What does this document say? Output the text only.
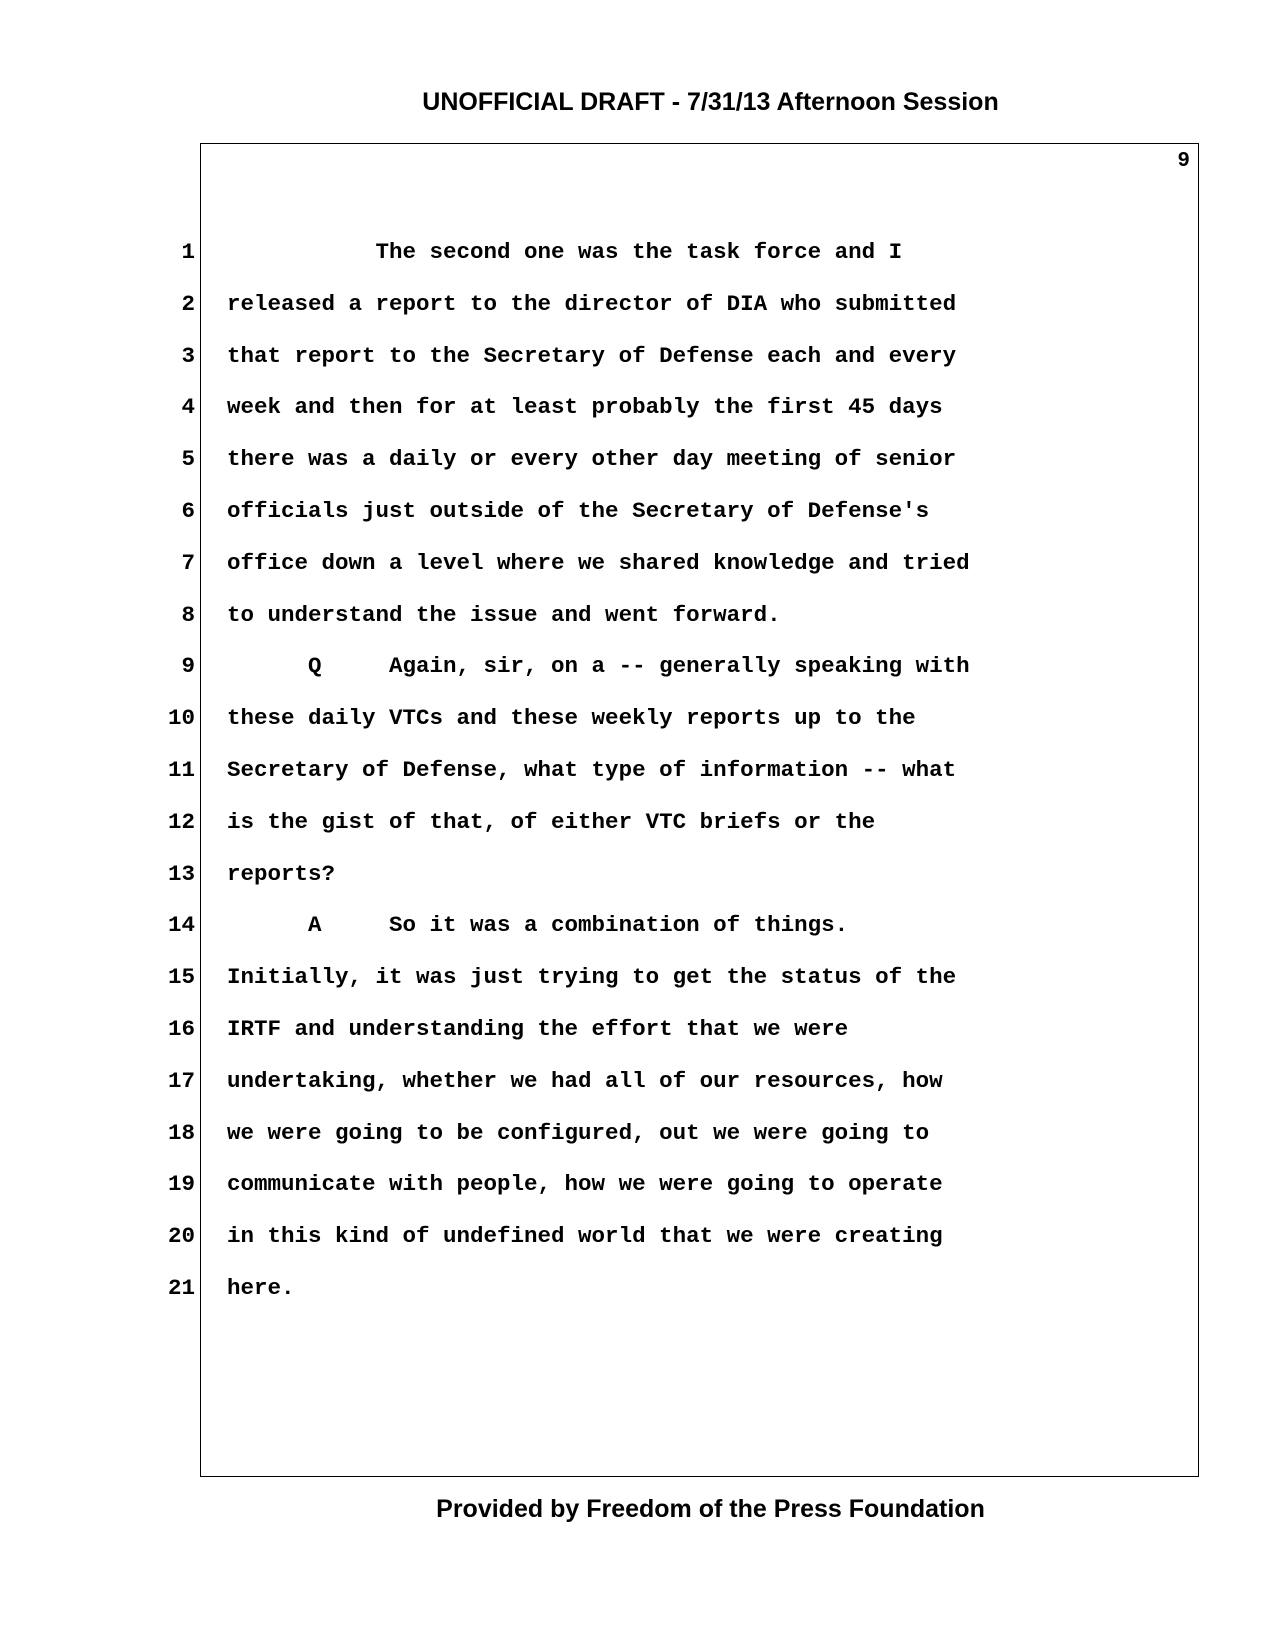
UNOFFICIAL DRAFT - 7/31/13 Afternoon Session
9
1 The second one was the task force and I
2 released a report to the director of DIA who submitted
3 that report to the Secretary of Defense each and every
4 week and then for at least probably the first 45 days
5 there was a daily or every other day meeting of senior
6 officials just outside of the Secretary of Defense's
7 office down a level where we shared knowledge and tried
8 to understand the issue and went forward.
9 Q     Again, sir, on a -- generally speaking with
10 these daily VTCs and these weekly reports up to the
11 Secretary of Defense, what type of information -- what
12 is the gist of that, of either VTC briefs or the
13 reports?
14 A     So it was a combination of things.
15 Initially, it was just trying to get the status of the
16 IRTF and understanding the effort that we were
17 undertaking, whether we had all of our resources, how
18 we were going to be configured, out we were going to
19 communicate with people, how we were going to operate
20 in this kind of undefined world that we were creating
21 here.
Provided by Freedom of the Press Foundation
